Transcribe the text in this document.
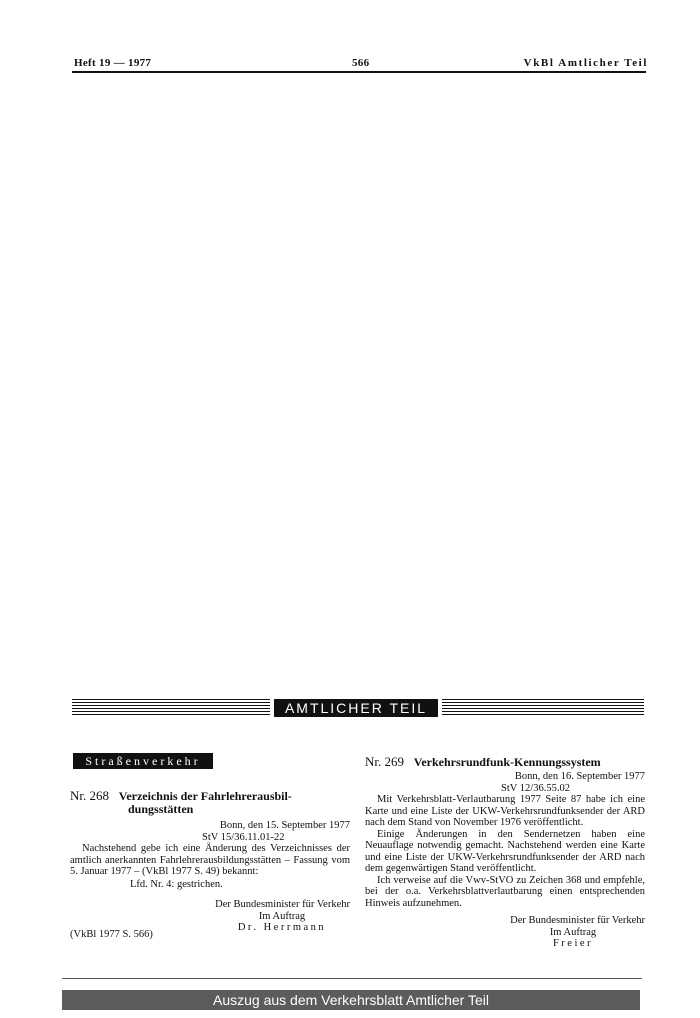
Heft 19 — 1977	566	VkBl Amtlicher Teil
AMTLICHER TEIL
Straßenverkehr

Nr. 268 Verzeichnis der Fahrlehrerausbil-

dungsstätten

Bonn, den 15. September 1977

StV 15/36.11.01-22

Nachstehend gebe ich eine Änderung des Verzeichnisses der amtlich anerkannten Fahrlehrerausbildungsstätten – Fassung vom 5. Januar 1977 – (VkBl 1977 S. 49) bekannt:

Lfd. Nr. 4: gestrichen.

Der Bundesminister für Verkehr

Im Auftrag
Dr. Herrmann
(VkBl 1977 S. 566)

Nr. 269 Verkehrsrundfunk-Kennungssystem

Bonn, den 16. September 1977

StV 12/36.55.02

Mit Verkehrsblatt-Verlautbarung 1977 Seite 87 habe ich eine Karte und eine Liste der UKW-Verkehrsrundfunksender der ARD nach dem Stand von November 1976 veröffentlicht.

Einige Änderungen in den Sendernetzen haben eine Neuauflage notwendig gemacht. Nachstehend werden eine Karte und eine Liste der UKW-Verkehrsrundfunksender der ARD nach dem gegenwärtigen Stand veröffentlicht.

Ich verweise auf die Vwv-StVO zu Zeichen 368 und empfehle, bei der o.a. Verkehrsblattverlautbarung einen entsprechenden Hinweis aufzunehmen.

Der Bundesminister für Verkehr

Im Auftrag
Freier
Auszug aus dem Verkehrsblatt Amtlicher Teil
